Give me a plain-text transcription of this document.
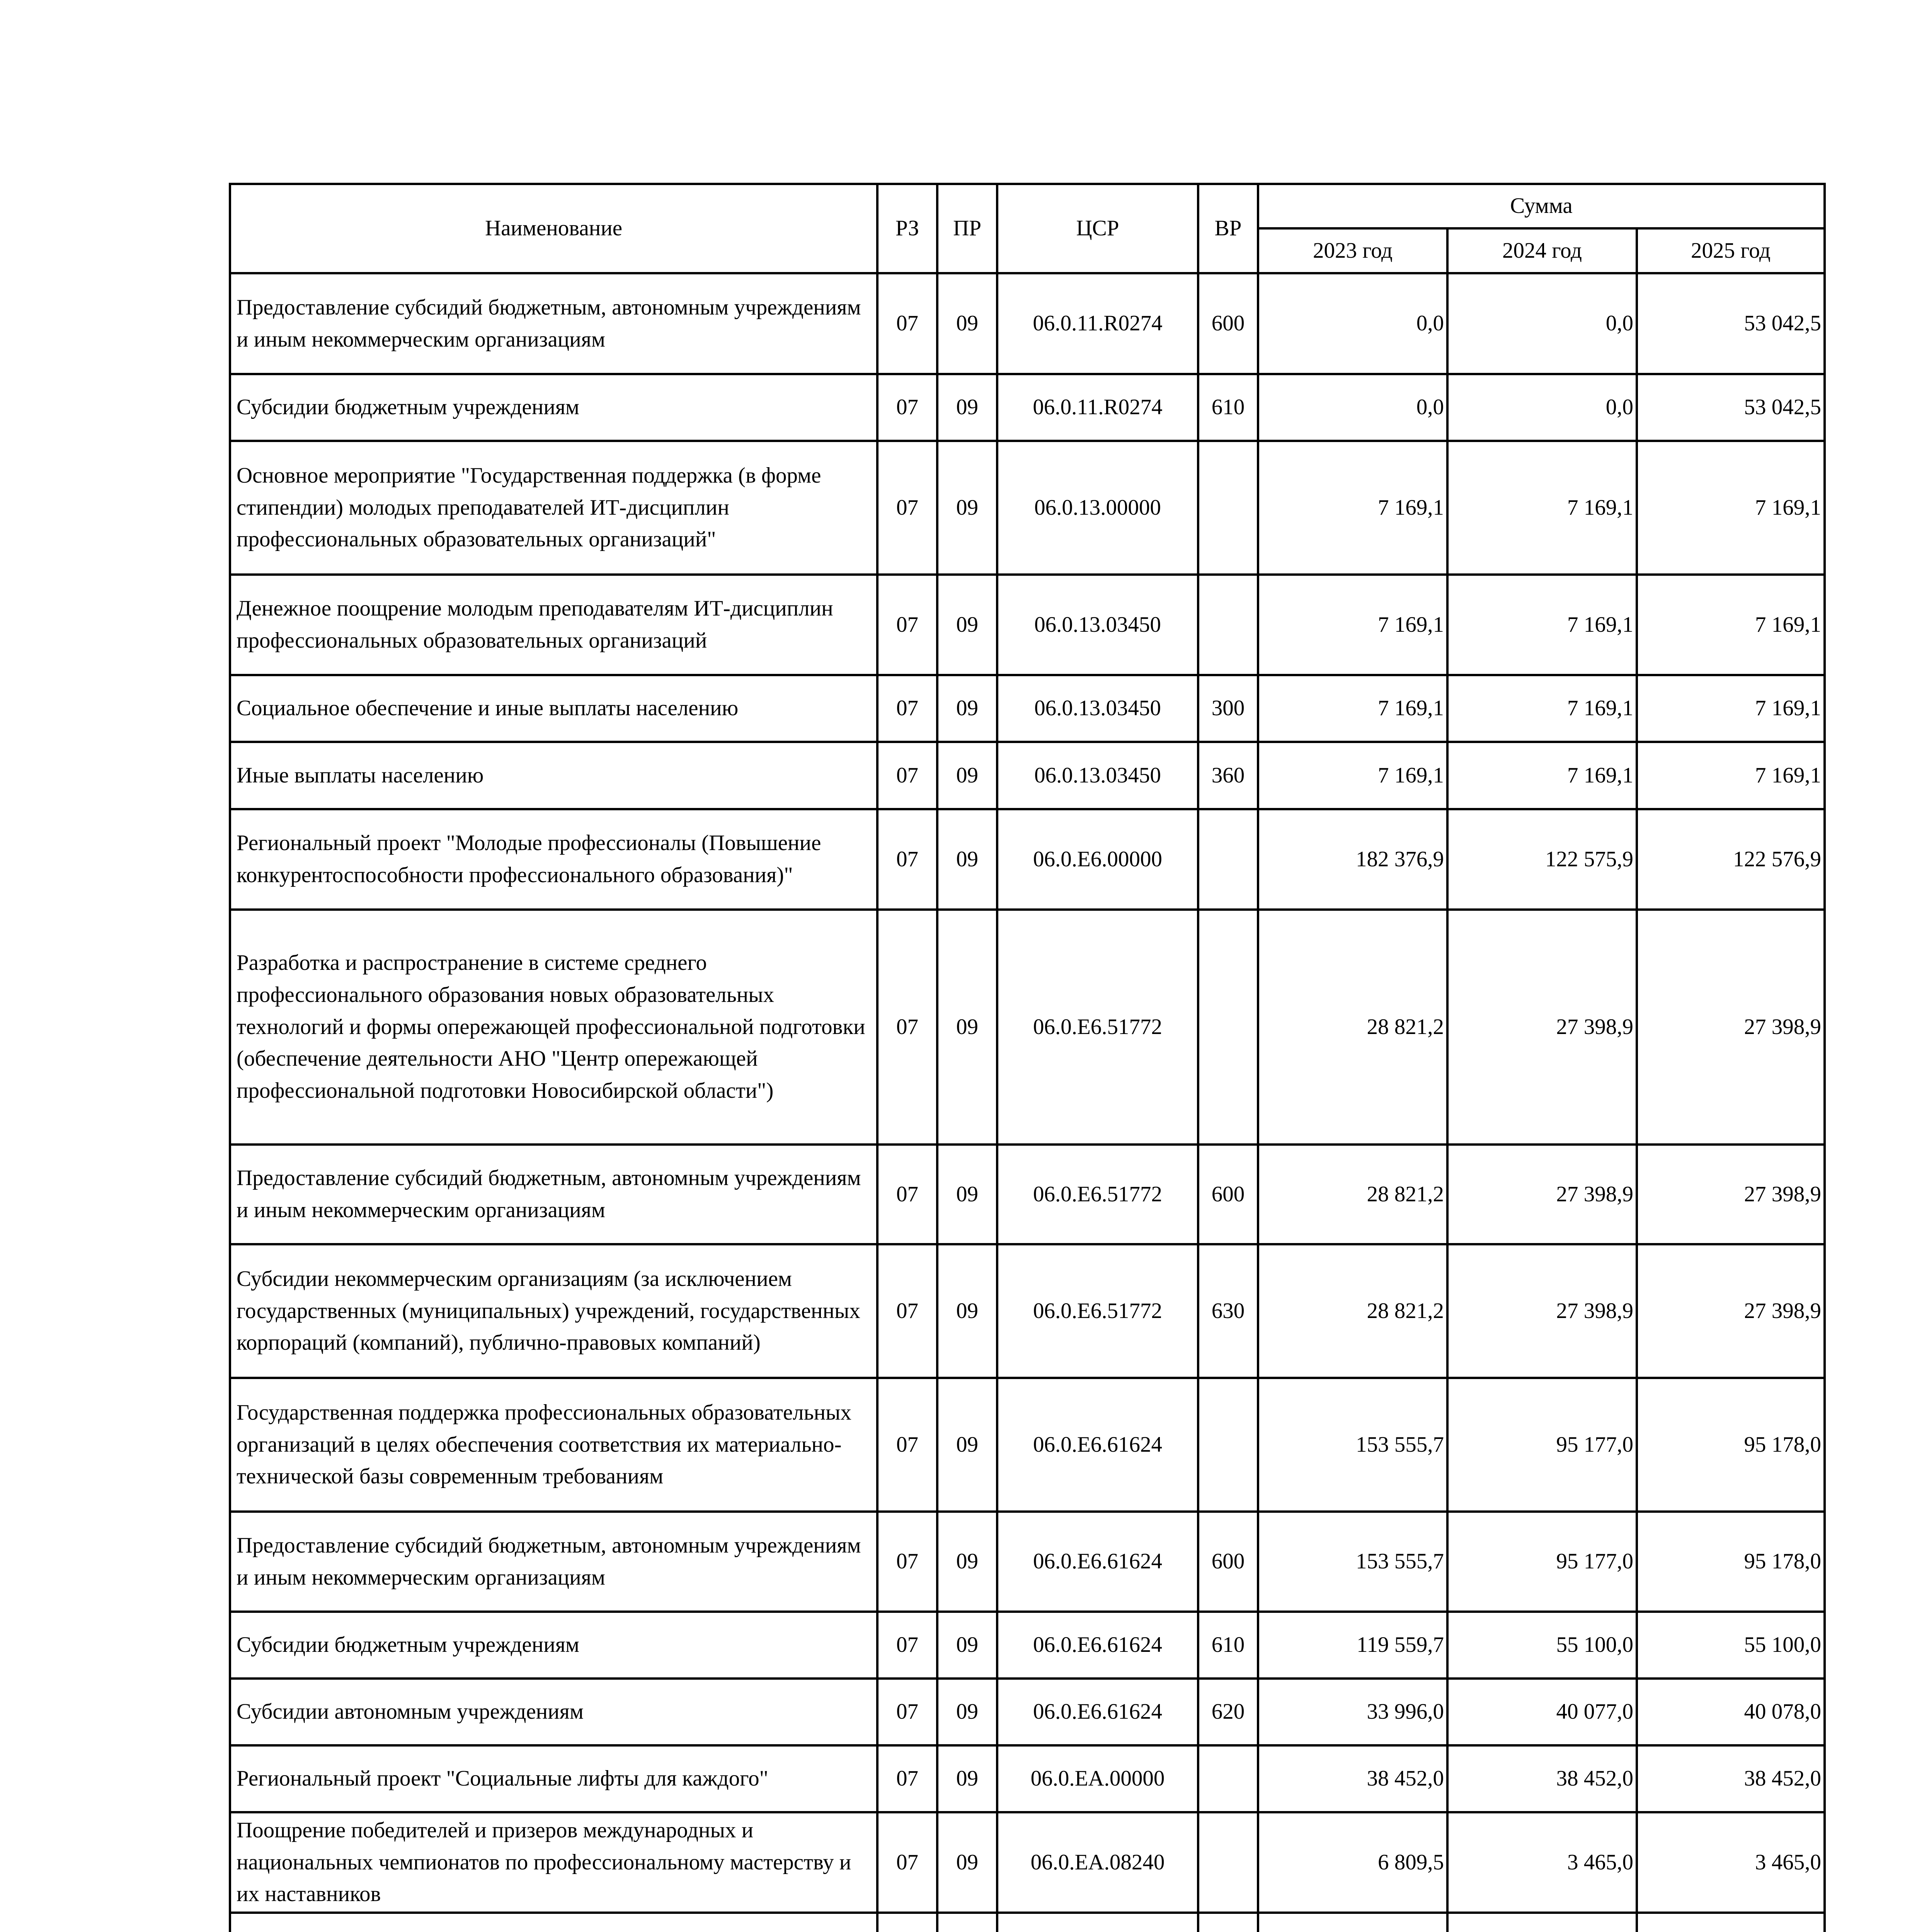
Наименование	РЗ	ПР	ЦСР	ВР	Сумма		
					2023 год	2024 год	2025 год
Предоставление субсидий бюджетным, автономным учреждениям и иным некоммерческим организациям	07	09	06.0.11.R0274	600	0,0	0,0	53 042,5
Субсидии бюджетным учреждениям	07	09	06.0.11.R0274	610	0,0	0,0	53 042,5
Основное мероприятие "Государственная поддержка (в форме стипендии) молодых преподавателей ИТ-дисциплин профессиональных образовательных организаций"	07	09	06.0.13.00000		7 169,1	7 169,1	7 169,1
Денежное поощрение молодым преподавателям ИТ-дисциплин профессиональных образовательных организаций	07	09	06.0.13.03450		7 169,1	7 169,1	7 169,1
Социальное обеспечение и иные выплаты населению	07	09	06.0.13.03450	300	7 169,1	7 169,1	7 169,1
Иные выплаты населению	07	09	06.0.13.03450	360	7 169,1	7 169,1	7 169,1
Региональный проект "Молодые профессионалы (Повышение конкурентоспособности профессионального образования)"	07	09	06.0.E6.00000		182 376,9	122 575,9	122 576,9
Разработка и распространение в системе среднего профессионального образования новых образовательных технологий и формы опережающей профессиональной подготовки (обеспечение деятельности АНО "Центр опережающей профессиональной подготовки Новосибирской области")	07	09	06.0.E6.51772		28 821,2	27 398,9	27 398,9
Предоставление субсидий бюджетным, автономным учреждениям и иным некоммерческим организациям	07	09	06.0.E6.51772	600	28 821,2	27 398,9	27 398,9
Субсидии некоммерческим организациям (за исключением государственных (муниципальных) учреждений, государственных корпораций (компаний), публично-правовых компаний)	07	09	06.0.E6.51772	630	28 821,2	27 398,9	27 398,9
Государственная поддержка профессиональных образовательных организаций в целях обеспечения соответствия их материально-технической базы современным требованиям	07	09	06.0.E6.61624		153 555,7	95 177,0	95 178,0
Предоставление субсидий бюджетным, автономным учреждениям и иным некоммерческим организациям	07	09	06.0.E6.61624	600	153 555,7	95 177,0	95 178,0
Субсидии бюджетным учреждениям	07	09	06.0.E6.61624	610	119 559,7	55 100,0	55 100,0
Субсидии автономным учреждениям	07	09	06.0.E6.61624	620	33 996,0	40 077,0	40 078,0
Региональный проект "Социальные лифты для каждого"	07	09	06.0.EA.00000		38 452,0	38 452,0	38 452,0
Поощрение победителей и призеров международных и национальных чемпионатов по профессиональному мастерству и их наставников	07	09	06.0.EA.08240		6 809,5	3 465,0	3 465,0
